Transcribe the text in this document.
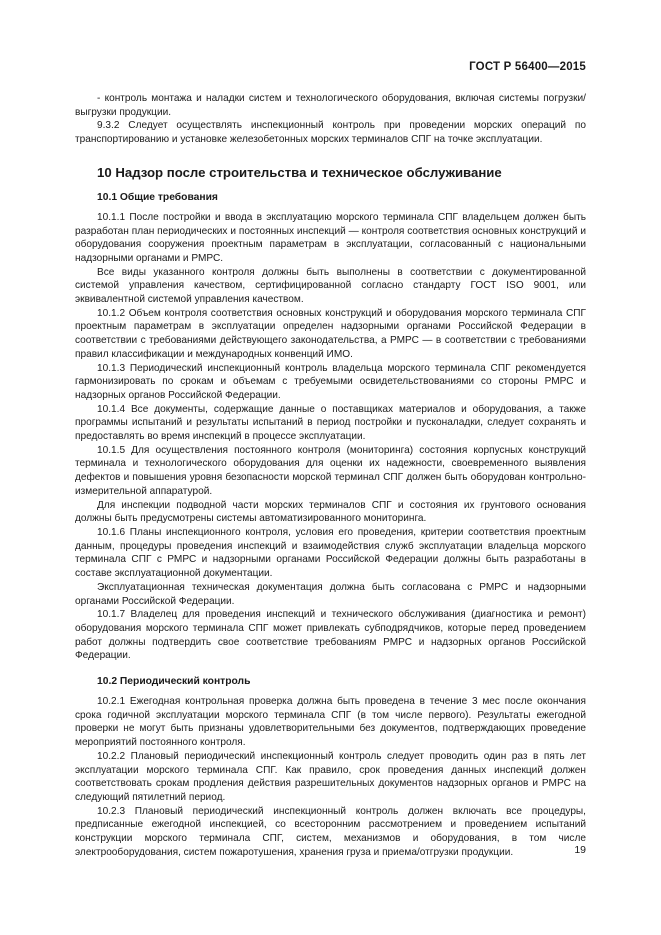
ГОСТ Р 56400—2015

- контроль монтажа и наладки систем и технологического оборудования, включая системы погрузки/выгрузки продукции.

9.3.2 Следует осуществлять инспекционный контроль при проведении морских операций по транспортированию и установке железобетонных морских терминалов СПГ на точке эксплуатации.

10 Надзор после строительства и техническое обслуживание
10.1 Общие требования

10.1.1 После постройки и ввода в эксплуатацию морского терминала СПГ владельцем должен быть разработан план периодических и постоянных инспекций — контроля соответствия основных конструкций и оборудования сооружения проектным параметрам в эксплуатации, согласованный с национальными надзорными органами и РМРС.

Все виды указанного контроля должны быть выполнены в соответствии с документированной системой управления качеством, сертифицированной согласно стандарту ГОСТ ISO 9001, или эквивалентной системой управления качеством.

10.1.2 Объем контроля соответствия основных конструкций и оборудования морского терминала СПГ проектным параметрам в эксплуатации определен надзорными органами Российской Федерации в соответствии с требованиями действующего законодательства, а РМРС — в соответствии с требованиями правил классификации и международных конвенций ИМО.

10.1.3 Периодический инспекционный контроль владельца морского терминала СПГ рекомендуется гармонизировать по срокам и объемам с требуемыми освидетельствованиями со стороны РМРС и надзорных органов Российской Федерации.

10.1.4 Все документы, содержащие данные о поставщиках материалов и оборудования, а также программы испытаний и результаты испытаний в период постройки и пусконаладки, следует сохранять и предоставлять во время инспекций в процессе эксплуатации.

10.1.5 Для осуществления постоянного контроля (мониторинга) состояния корпусных конструкций терминала и технологического оборудования для оценки их надежности, своевременного выявления дефектов и повышения уровня безопасности морской терминал СПГ должен быть оборудован контрольно-измерительной аппаратурой.

Для инспекции подводной части морских терминалов СПГ и состояния их грунтового основания должны быть предусмотрены системы автоматизированного мониторинга.

10.1.6 Планы инспекционного контроля, условия его проведения, критерии соответствия проектным данным, процедуры проведения инспекций и взаимодействия служб эксплуатации владельца морского терминала СПГ с РМРС и надзорными органами Российской Федерации должны быть разработаны в составе эксплуатационной документации.

Эксплуатационная техническая документация должна быть согласована с РМРС и надзорными органами Российской Федерации.

10.1.7 Владелец для проведения инспекций и технического обслуживания (диагностика и ремонт) оборудования морского терминала СПГ может привлекать субподрядчиков, которые перед проведением работ должны подтвердить свое соответствие требованиям РМРС и надзорных органов Российской Федерации.

10.2 Периодический контроль

10.2.1 Ежегодная контрольная проверка должна быть проведена в течение 3 мес после окончания срока годичной эксплуатации морского терминала СПГ (в том числе первого). Результаты ежегодной проверки не могут быть признаны удовлетворительными без документов, подтверждающих проведение мероприятий постоянного контроля.

10.2.2 Плановый периодический инспекционный контроль следует проводить один раз в пять лет эксплуатации морского терминала СПГ. Как правило, срок проведения данных инспекций должен соответствовать срокам продления действия разрешительных документов надзорных органов и РМРС на следующий пятилетний период.

10.2.3 Плановый периодический инспекционный контроль должен включать все процедуры, предписанные ежегодной инспекцией, со всесторонним рассмотрением и проведением испытаний конструкции морского терминала СПГ, систем, механизмов и оборудования, в том числе электрооборудования, систем пожаротушения, хранения груза и приема/отгрузки продукции.	19
